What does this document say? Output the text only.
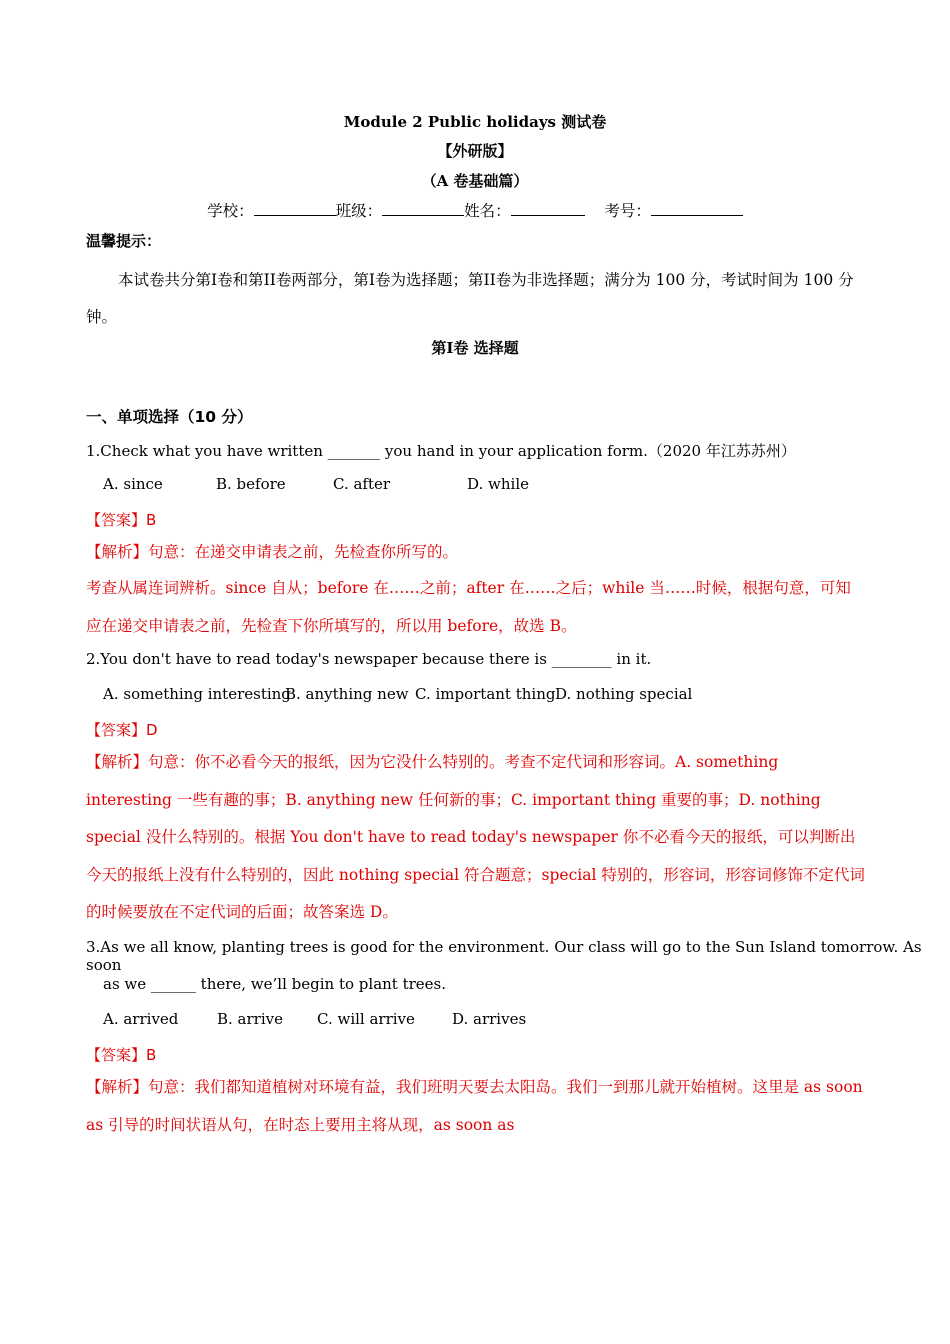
Module 2 Public holidays 测试卷
【外研版】
（A 卷基础篇）
学校：	班级：	姓名：	考号：
温馨提示：
本试卷共分第I卷和第II卷两部分，第I卷为选择题；第II卷为非选择题；满分为 100 分，考试时间为 100 分钟。
第I卷 选择题
一、单项选择（10 分）
1.Check what you have written _______ you hand in your application form.（2020 年江苏苏州）
A. since	B. before	C. after	D. while
【答案】B
【解析】句意：在递交申请表之前，先检查你所写的。
考查从属连词辨析。since 自从；before 在……之前；after 在……之后；while 当……时候，根据句意，可知应在递交申请表之前，先检查下你所填写的，所以用 before，故选 B。
2.You don't have to read today's newspaper because there is ________ in it.
A. something interesting
B. anything new C. important thing D. nothing special
【答案】D
【解析】句意：你不必看今天的报纸，因为它没什么特别的。考查不定代词和形容词。A. something interesting 一些有趣的事；B. anything new 任何新的事；C. important thing 重要的事；D. nothing special 没什么特别的。根据 You don't have to read today's newspaper 你不必看今天的报纸，可以判断出今天的报纸上没有什么特别的，因此 nothing special 符合题意；special 特别的，形容词，形容词修饰不定代词的时候要放在不定代词的后面；故答案选 D。
3.As we all know, planting trees is good for the environment. Our class will go to the Sun Island tomorrow. As soon
as we ______ there, we’ll begin to plant trees.
A. arrived	B. arrive C. will arrive D. arrives
【答案】B
【解析】句意：我们都知道植树对环境有益，我们班明天要去太阳岛。我们一到那儿就开始植树。这里是 as soon as 引导的时间状语从句，在时态上要用主将从现，as soon as
